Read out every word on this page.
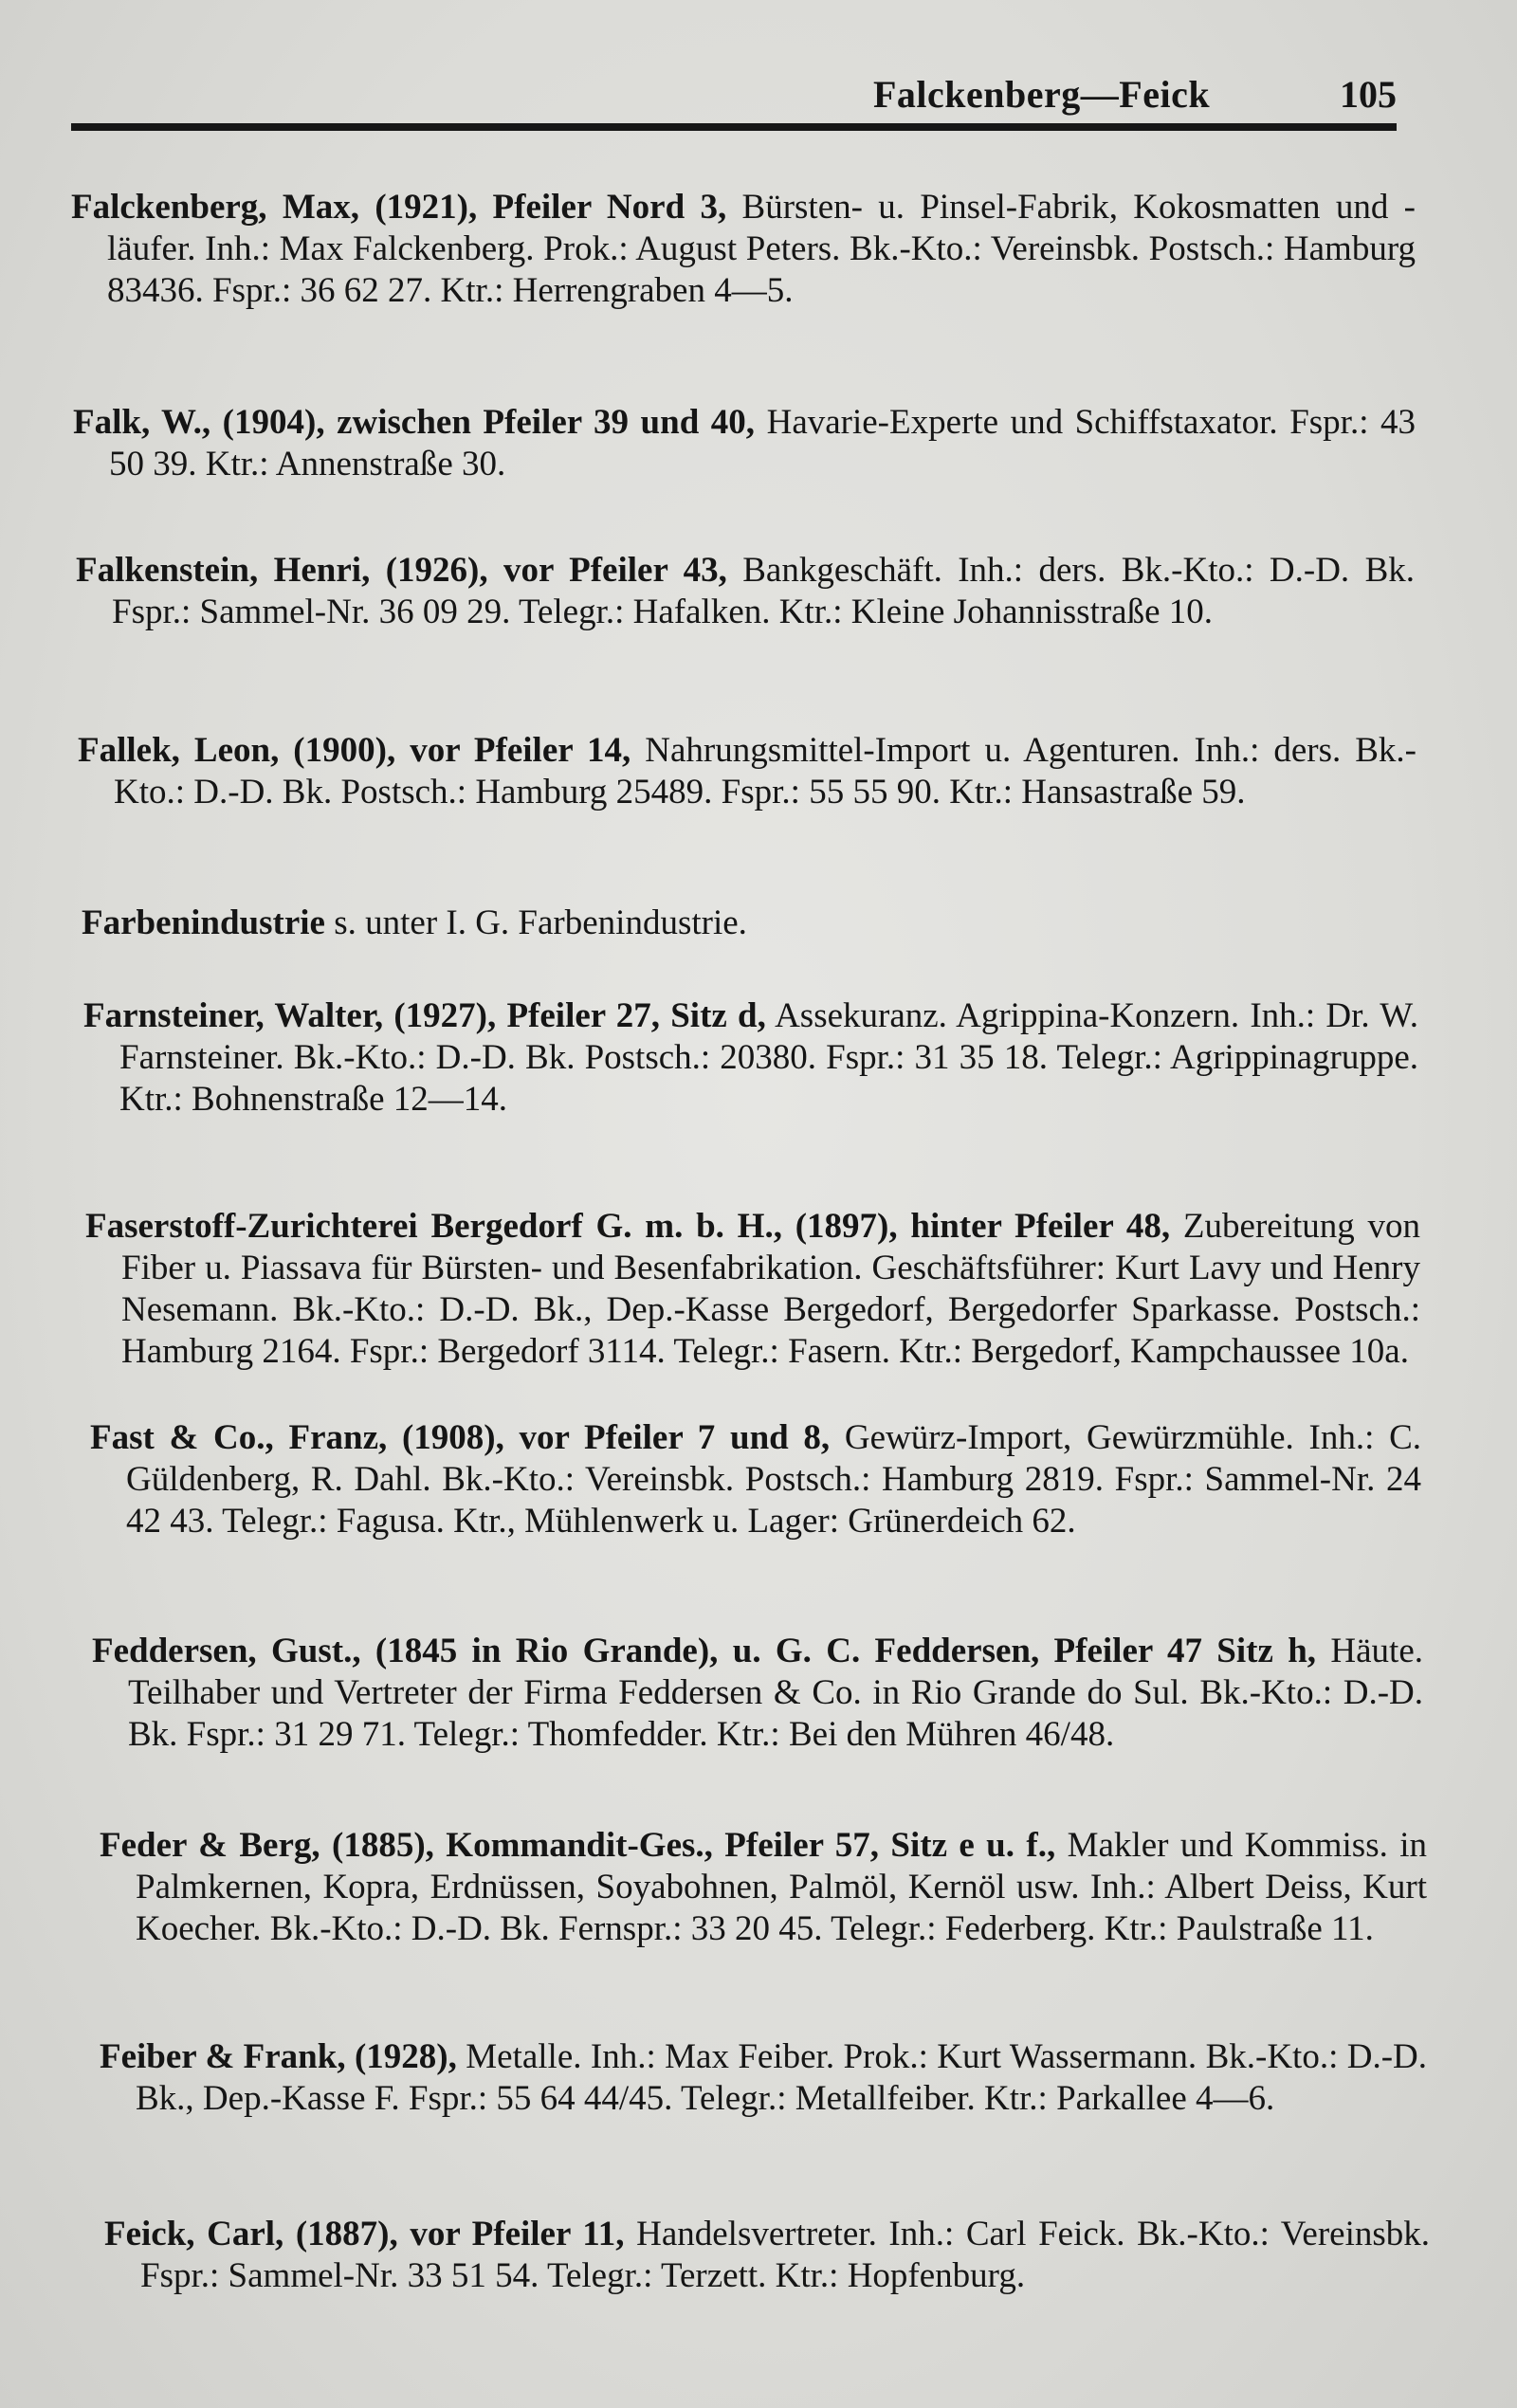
Falckenberg—Feick	105
Falckenberg, Max, (1921), Pfeiler Nord 3, Bürsten- u. Pinsel-Fabrik, Kokosmatten und -läufer. Inh.: Max Falckenberg. Prok.: August Peters. Bk.-Kto.: Vereinsbk. Postsch.: Hamburg 83436. Fspr.: 36 62 27. Ktr.: Herrengraben 4—5.
Falk, W., (1904), zwischen Pfeiler 39 und 40, Havarie-Experte und Schiffstaxator. Fspr.: 43 50 39. Ktr.: Annenstraße 30.
Falkenstein, Henri, (1926), vor Pfeiler 43, Bankgeschäft. Inh.: ders. Bk.-Kto.: D.-D. Bk. Fspr.: Sammel-Nr. 36 09 29. Telegr.: Hafalken. Ktr.: Kleine Johannisstraße 10.
Fallek, Leon, (1900), vor Pfeiler 14, Nahrungsmittel-Import u. Agenturen. Inh.: ders. Bk.-Kto.: D.-D. Bk. Postsch.: Hamburg 25489. Fspr.: 55 55 90. Ktr.: Hansastraße 59.
Farbenindustrie s. unter I. G. Farbenindustrie.
Farnsteiner, Walter, (1927), Pfeiler 27, Sitz d, Assekuranz. Agrippina-Konzern. Inh.: Dr. W. Farnsteiner. Bk.-Kto.: D.-D. Bk. Postsch.: 20380. Fspr.: 31 35 18. Telegr.: Agrippinagruppe. Ktr.: Bohnenstraße 12—14.
Faserstoff-Zurichterei Bergedorf G. m. b. H., (1897), hinter Pfeiler 48, Zubereitung von Fiber u. Piassava für Bürsten- und Besenfabrikation. Geschäftsführer: Kurt Lavy und Henry Nesemann. Bk.-Kto.: D.-D. Bk., Dep.-Kasse Bergedorf, Bergedorfer Sparkasse. Postsch.: Hamburg 2164. Fspr.: Bergedorf 3114. Telegr.: Fasern. Ktr.: Bergedorf, Kampchaussee 10a.
Fast & Co., Franz, (1908), vor Pfeiler 7 und 8, Gewürz-Import, Gewürzmühle. Inh.: C. Güldenberg, R. Dahl. Bk.-Kto.: Vereinsbk. Postsch.: Hamburg 2819. Fspr.: Sammel-Nr. 24 42 43. Telegr.: Fagusa. Ktr., Mühlenwerk u. Lager: Grünerdeich 62.
Feddersen, Gust., (1845 in Rio Grande), u. G. C. Feddersen, Pfeiler 47 Sitz h, Häute. Teilhaber und Vertreter der Firma Feddersen & Co. in Rio Grande do Sul. Bk.-Kto.: D.-D. Bk. Fspr.: 31 29 71. Telegr.: Thomfedder. Ktr.: Bei den Mühren 46/48.
Feder & Berg, (1885), Kommandit-Ges., Pfeiler 57, Sitz e u. f., Makler und Kommiss. in Palmkernen, Kopra, Erdnüssen, Soyabohnen, Palmöl, Kernöl usw. Inh.: Albert Deiss, Kurt Koecher. Bk.-Kto.: D.-D. Bk. Fernspr.: 33 20 45. Telegr.: Federberg. Ktr.: Paulstraße 11.
Feiber & Frank, (1928), Metalle. Inh.: Max Feiber. Prok.: Kurt Wassermann. Bk.-Kto.: D.-D. Bk., Dep.-Kasse F. Fspr.: 55 64 44/45. Telegr.: Metallfeiber. Ktr.: Parkallee 4—6.
Feick, Carl, (1887), vor Pfeiler 11, Handelsvertreter. Inh.: Carl Feick. Bk.-Kto.: Vereinsbk. Fspr.: Sammel-Nr. 33 51 54. Telegr.: Terzett. Ktr.: Hopfenburg.
